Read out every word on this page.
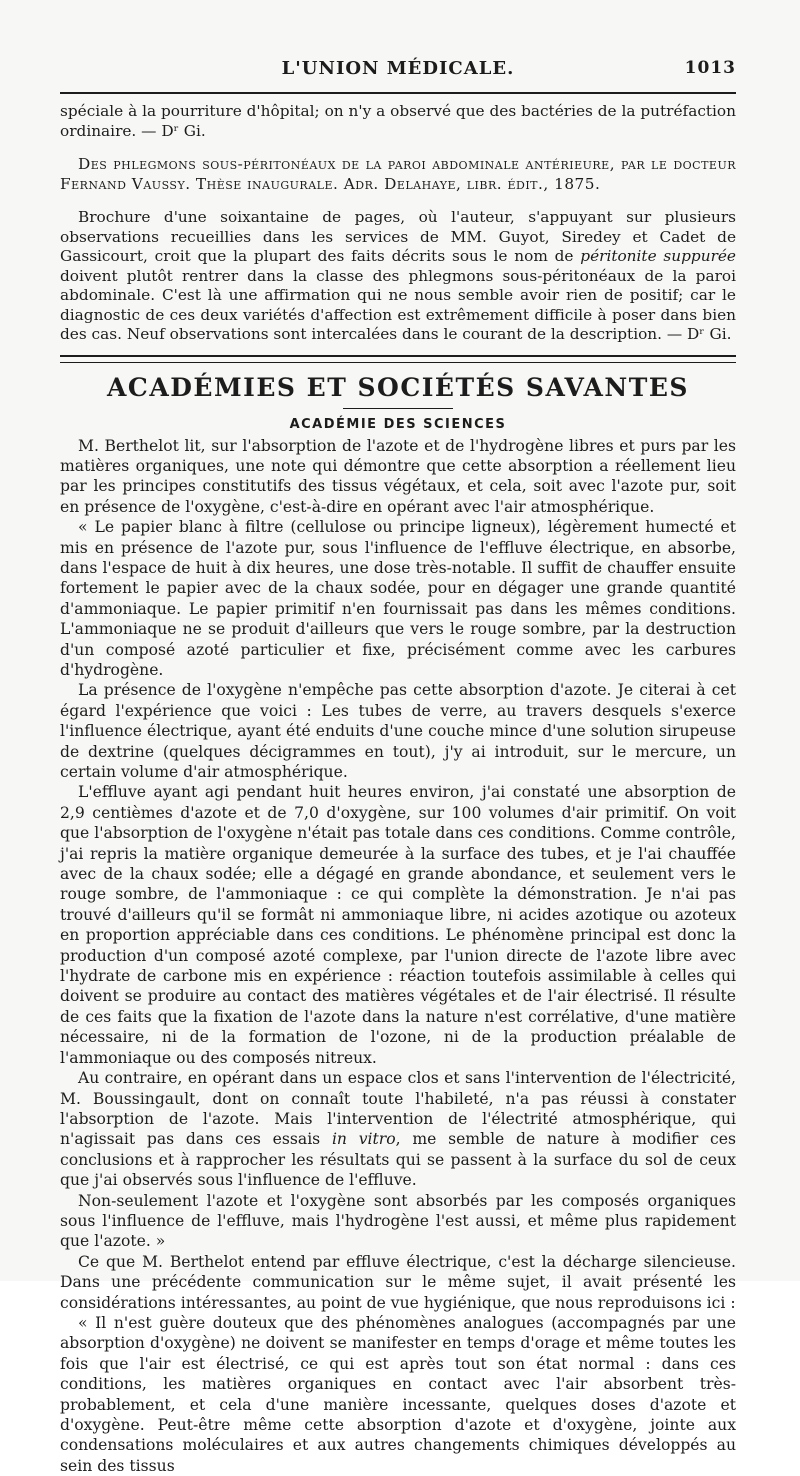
L'UNION MÉDICALE.	1013

spéciale à la pourriture d'hôpital; on n'y a observé que des bactéries de la putréfaction ordinaire. — Dʳ Gi.

Des phlegmons sous-péritonéaux de la paroi abdominale antérieure, par le docteur Fernand Vaussy. Thèse inaugurale. Adr. Delahaye, libr. édit., 1875.

Brochure d'une soixantaine de pages, où l'auteur, s'appuyant sur plusieurs observations recueillies dans les services de MM. Guyot, Siredey et Cadet de Gassicourt, croit que la plupart des faits décrits sous le nom de péritonite suppurée doivent plutôt rentrer dans la classe des phlegmons sous-péritonéaux de la paroi abdominale. C'est là une affirmation qui ne nous semble avoir rien de positif; car le diagnostic de ces deux variétés d'affection est extrêmement difficile à poser dans bien des cas. Neuf observations sont intercalées dans le courant de la description. — Dʳ Gi.

ACADÉMIES ET SOCIÉTÉS SAVANTES
ACADÉMIE DES SCIENCES

M. Berthelot lit, sur l'absorption de l'azote et de l'hydrogène libres et purs par les matières organiques, une note qui démontre que cette absorption a réellement lieu par les principes constitutifs des tissus végétaux, et cela, soit avec l'azote pur, soit en présence de l'oxygène, c'est-à-dire en opérant avec l'air atmosphérique.

« Le papier blanc à filtre (cellulose ou principe ligneux), légèrement humecté et mis en présence de l'azote pur, sous l'influence de l'effluve électrique, en absorbe, dans l'espace de huit à dix heures, une dose très-notable. Il suffit de chauffer ensuite fortement le papier avec de la chaux sodée, pour en dégager une grande quantité d'ammoniaque. Le papier primitif n'en fournissait pas dans les mêmes conditions. L'ammoniaque ne se produit d'ailleurs que vers le rouge sombre, par la destruction d'un composé azoté particulier et fixe, précisément comme avec les carbures d'hydrogène.

La présence de l'oxygène n'empêche pas cette absorption d'azote. Je citerai à cet égard l'expérience que voici : Les tubes de verre, au travers desquels s'exerce l'influence électrique, ayant été enduits d'une couche mince d'une solution sirupeuse de dextrine (quelques décigrammes en tout), j'y ai introduit, sur le mercure, un certain volume d'air atmosphérique.

L'effluve ayant agi pendant huit heures environ, j'ai constaté une absorption de 2,9 centièmes d'azote et de 7,0 d'oxygène, sur 100 volumes d'air primitif. On voit que l'absorption de l'oxygène n'était pas totale dans ces conditions. Comme contrôle, j'ai repris la matière organique demeurée à la surface des tubes, et je l'ai chauffée avec de la chaux sodée; elle a dégagé en grande abondance, et seulement vers le rouge sombre, de l'ammoniaque : ce qui complète la démonstration. Je n'ai pas trouvé d'ailleurs qu'il se formât ni ammoniaque libre, ni acides azotique ou azoteux en proportion appréciable dans ces conditions. Le phénomène principal est donc la production d'un composé azoté complexe, par l'union directe de l'azote libre avec l'hydrate de carbone mis en expérience : réaction toutefois assimilable à celles qui doivent se produire au contact des matières végétales et de l'air électrisé. Il résulte de ces faits que la fixation de l'azote dans la nature n'est corrélative, d'une matière nécessaire, ni de la formation de l'ozone, ni de la production préalable de l'ammoniaque ou des composés nitreux.

Au contraire, en opérant dans un espace clos et sans l'intervention de l'électricité, M. Boussingault, dont on connaît toute l'habileté, n'a pas réussi à constater l'absorption de l'azote. Mais l'intervention de l'électrité atmosphérique, qui n'agissait pas dans ces essais in vitro, me semble de nature à modifier ces conclusions et à rapprocher les résultats qui se passent à la surface du sol de ceux que j'ai observés sous l'influence de l'effluve.

Non-seulement l'azote et l'oxygène sont absorbés par les composés organiques sous l'influence de l'effluve, mais l'hydrogène l'est aussi, et même plus rapidement que l'azote. »

Ce que M. Berthelot entend par effluve électrique, c'est la décharge silencieuse. Dans une précédente communication sur le même sujet, il avait présenté les considérations intéressantes, au point de vue hygiénique, que nous reproduisons ici :

« Il n'est guère douteux que des phénomènes analogues (accompagnés par une absorption d'oxygène) ne doivent se manifester en temps d'orage et même toutes les fois que l'air est électrisé, ce qui est après tout son état normal : dans ces conditions, les matières organiques en contact avec l'air absorbent très-probablement, et cela d'une manière incessante, quelques doses d'azote et d'oxygène. Peut-être même cette absorption d'azote et d'oxygène, jointe aux condensations moléculaires et aux autres changements chimiques développés au sein des tissus
